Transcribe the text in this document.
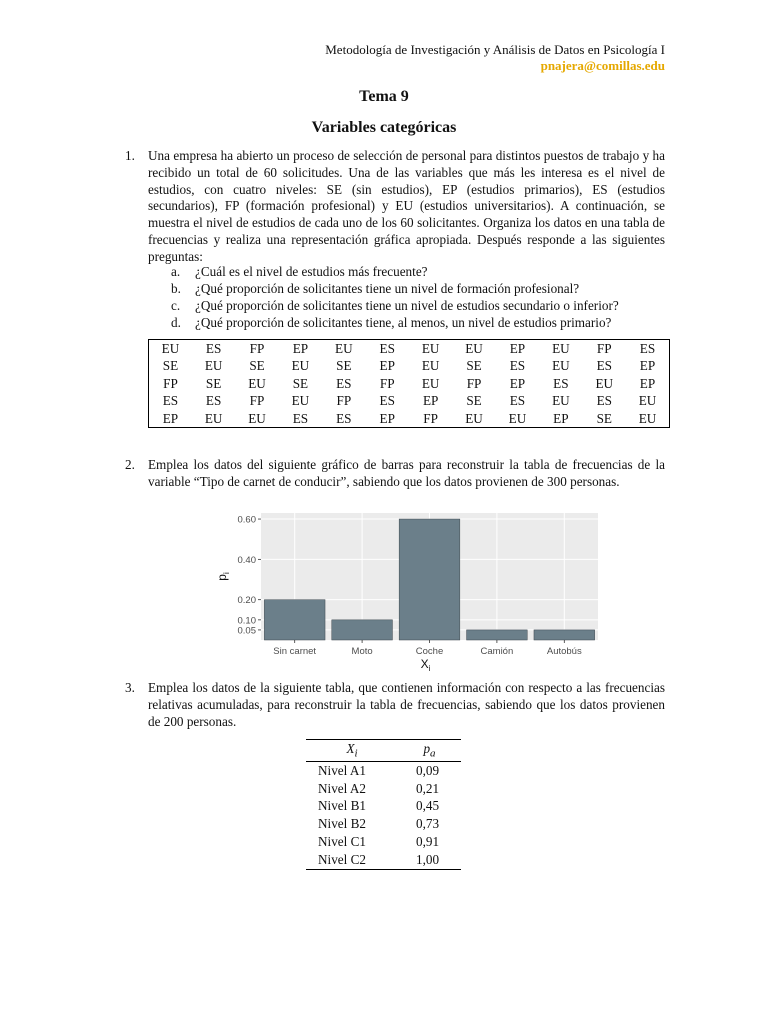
Metodología de Investigación y Análisis de Datos en Psicología I
pnajera@comillas.edu
Tema 9
Variables categóricas
1. Una empresa ha abierto un proceso de selección de personal para distintos puestos de trabajo y ha recibido un total de 60 solicitudes. Una de las variables que más les interesa es el nivel de estudios, con cuatro niveles: SE (sin estudios), EP (estudios primarios), ES (estudios secundarios), FP (formación profesional) y EU (estudios universitarios). A continuación, se muestra el nivel de estudios de cada uno de los 60 solicitantes. Organiza los datos en una tabla de frecuencias y realiza una representación gráfica apropiada. Después responde a las siguientes preguntas:
a. ¿Cuál es el nivel de estudios más frecuente?
b. ¿Qué proporción de solicitantes tiene un nivel de formación profesional?
c. ¿Qué proporción de solicitantes tiene un nivel de estudios secundario o inferior?
d. ¿Qué proporción de solicitantes tiene, al menos, un nivel de estudios primario?
EU	ES	FP	EP	EU	ES	EU	EU	EP	EU	FP	ES
SE	EU	SE	EU	SE	EP	EU	SE	ES	EU	ES	EP
FP	SE	EU	SE	ES	FP	EU	FP	EP	ES	EU	EP
ES	ES	FP	EU	FP	ES	EP	SE	ES	EU	ES	EU
EP	EU	EU	ES	ES	EP	FP	EU	EU	EP	SE	EU
2. Emplea los datos del siguiente gráfico de barras para reconstruir la tabla de frecuencias de la variable “Tipo de carnet de conducir”, sabiendo que los datos provienen de 300 personas.
0.05
0.10
0.20
0.40
0.60
Sin carnet	Moto	Coche	Camión	Autobús
$p_i$
$X_i$
3. Emplea los datos de la siguiente tabla, que contienen información con respecto a las frecuencias relativas acumuladas, para reconstruir la tabla de frecuencias, sabiendo que los datos provienen de 200 personas.
$X_i$	$p_a$
Nivel A1	0,09
Nivel A2	0,21
Nivel B1	0,45
Nivel B2	0,73
Nivel C1	0,91
Nivel C2	1,00
